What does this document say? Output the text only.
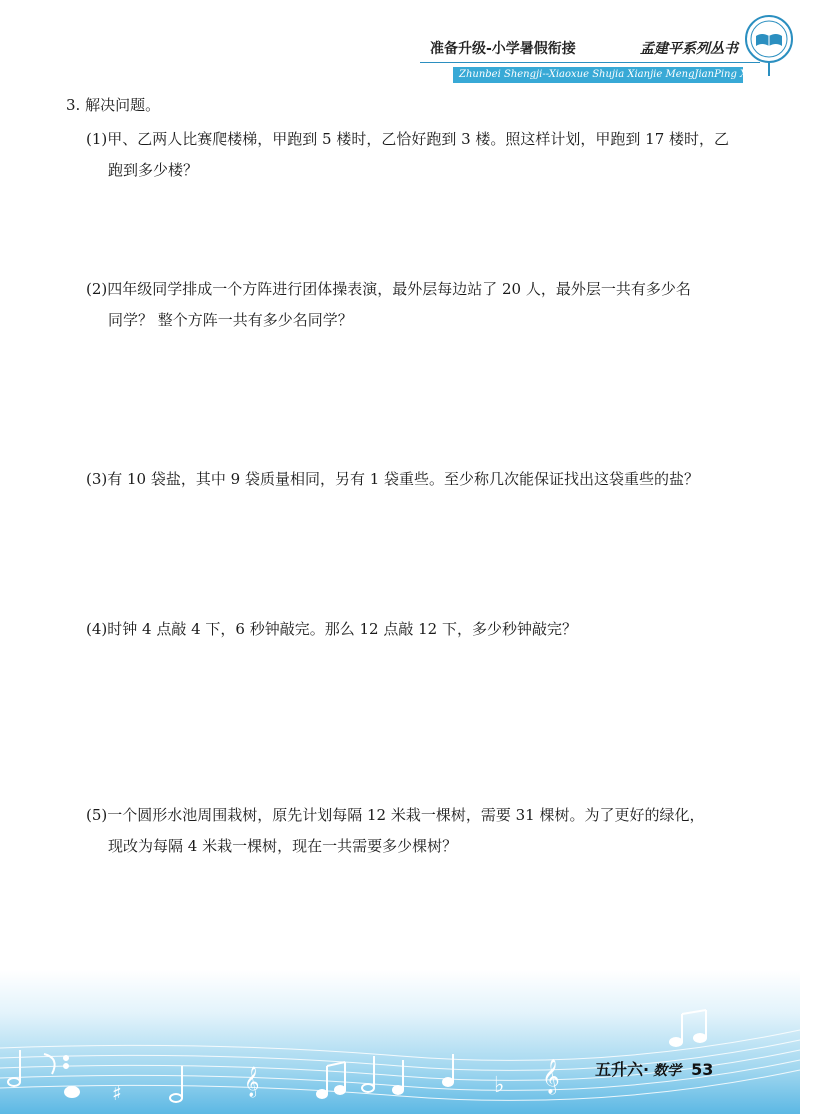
准备升级-小学暑假衔接	孟建平系列丛书
Zhunbei Shengji--Xiaoxue Shujia Xianjie MengJianPing XiLie Congshu
3. 解决问题。

(1)甲、乙两人比赛爬楼梯，甲跑到 5 楼时，乙恰好跑到 3 楼。照这样计划，甲跑到 17 楼时，乙

跑到多少楼？

(2)四年级同学排成一个方阵进行团体操表演，最外层每边站了 20 人，最外层一共有多少名

同学？ 整个方阵一共有多少名同学？

(3)有 10 袋盐，其中 9 袋质量相同，另有 1 袋重些。至少称几次能保证找出这袋重些的盐？

(4)时钟 4 点敲 4 下，6 秒钟敲完。那么 12 点敲 12 下，多少秒钟敲完？

(5)一个圆形水池周围栽树，原先计划每隔 12 米栽一棵树，需要 31 棵树。为了更好的绿化，

现改为每隔 4 米栽一棵树，现在一共需要多少棵树？

♯	𝄞	♭ 𝄞 五升六· 数学 53
